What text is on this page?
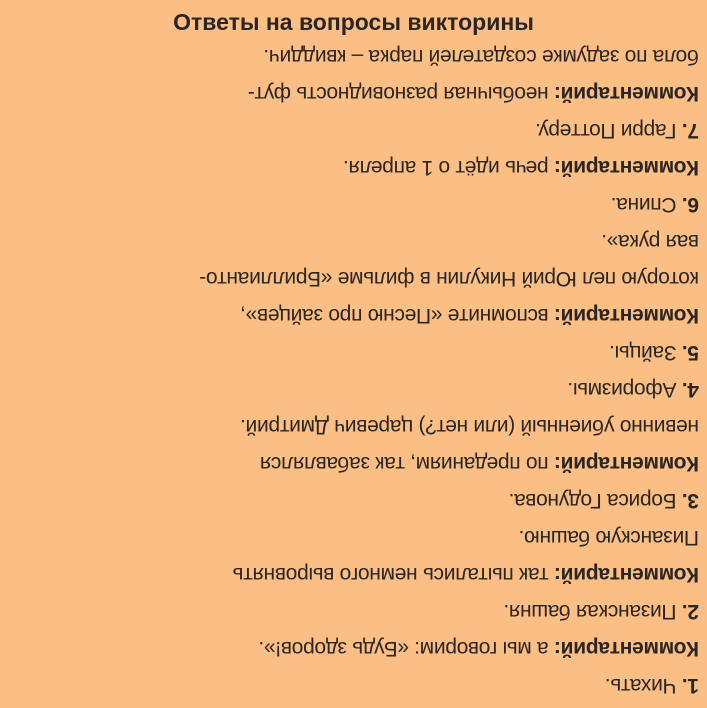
Ответы на вопросы викторины
1. Чихать.
Комментарий: а мы говорим: «Будь здоров!».
2. Пизанская башня.
Комментарий: так пытались немного выровнять
Пизанскую башню.
3. Бориса Годунова.
Комментарий: по преданиям, так забавлялся
невинно убиенный (или нет?) царевич Дмитрий.
4. Афоризмы.
5. Зайцы.
Комментарий: вспомните «Песню про зайцев»,
которую пел Юрий Никулин в фильме «Бриллианто-
вая рука».
6. Спина.
Комментарий: речь идёт о 1 апреля.
7. Гарри Поттеру.
Комментарий: необычная разновидность фут-
бола по задумке создателей парка – квиддич.
